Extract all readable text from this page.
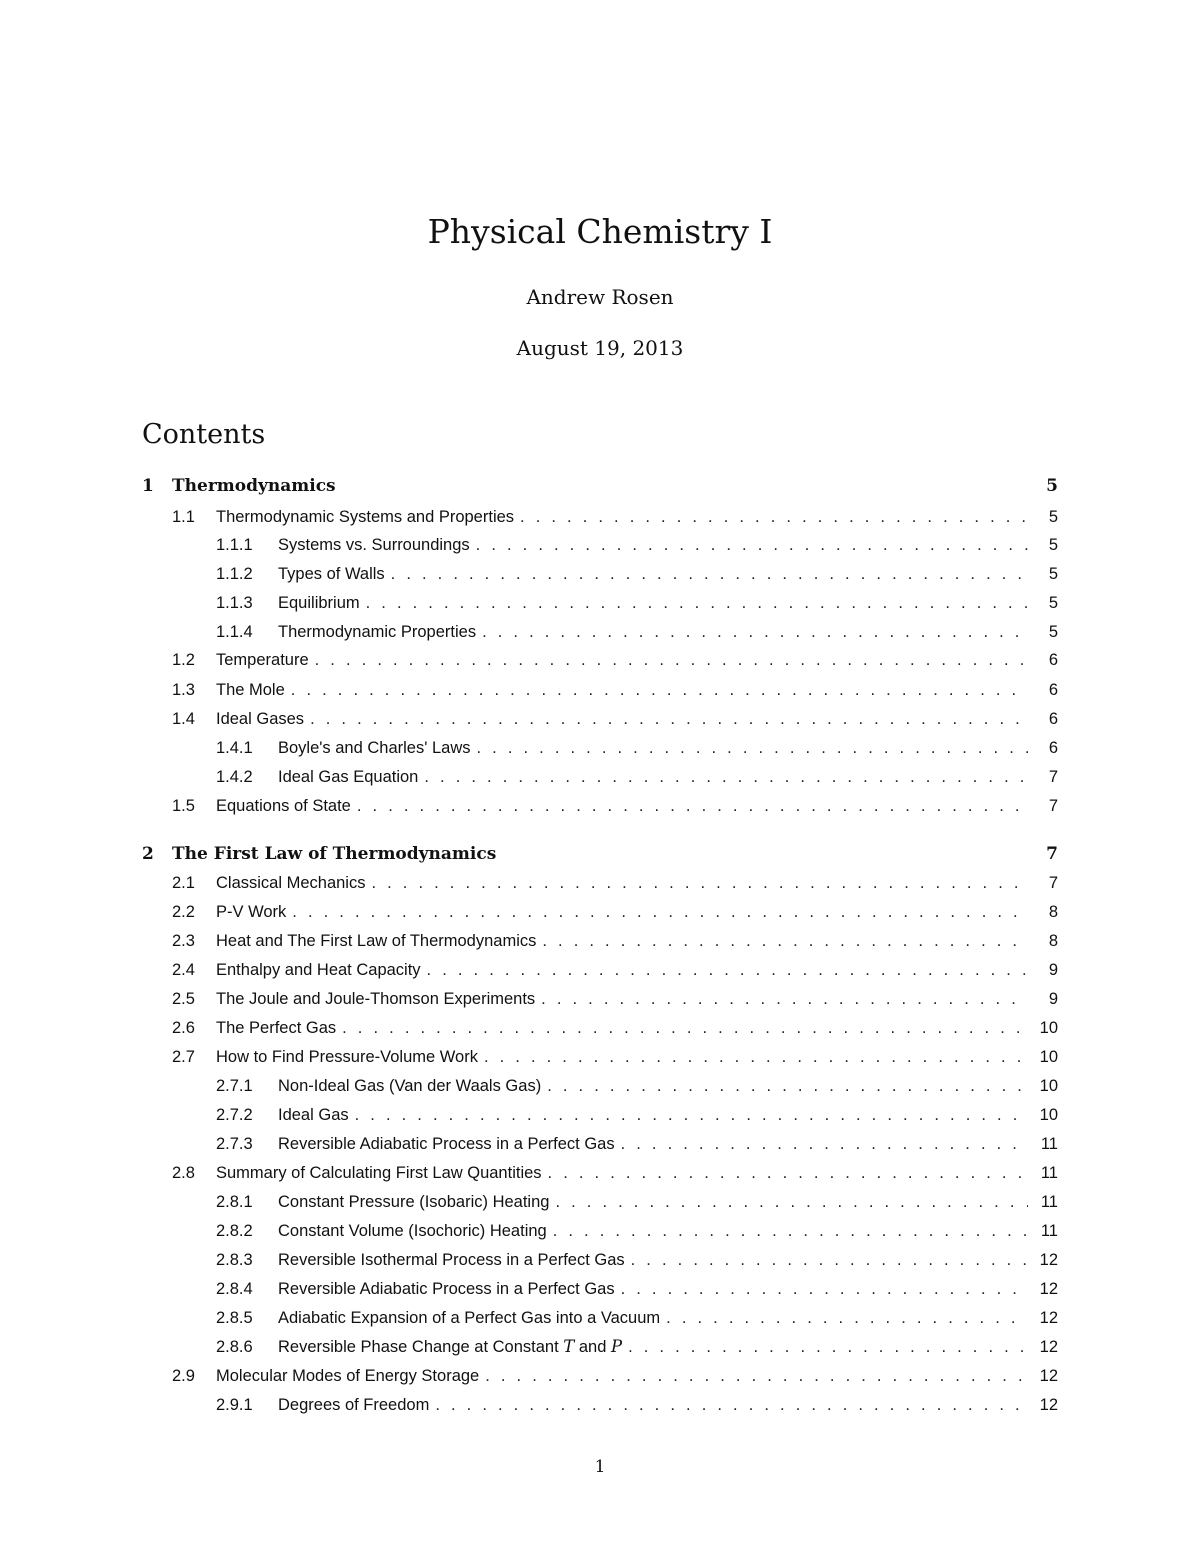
Physical Chemistry I
Andrew Rosen
August 19, 2013
Contents
1	Thermodynamics	5
1.1	Thermodynamic Systems and Properties . . .	5
1.1.1	Systems vs. Surroundings . . .	5
1.1.2	Types of Walls . . .	5
1.1.3	Equilibrium . . .	5
1.1.4	Thermodynamic Properties . . .	5
1.2	Temperature . . .	6
1.3	The Mole . . .	6
1.4	Ideal Gases . . .	6
1.4.1	Boyle's and Charles' Laws . . .	6
1.4.2	Ideal Gas Equation . . .	7
1.5	Equations of State . . .	7
2	The First Law of Thermodynamics	7
2.1	Classical Mechanics . . .	7
2.2	P-V Work . . .	8
2.3	Heat and The First Law of Thermodynamics . . .	8
2.4	Enthalpy and Heat Capacity . . .	9
2.5	The Joule and Joule-Thomson Experiments . . .	9
2.6	The Perfect Gas . . .	10
2.7	How to Find Pressure-Volume Work . . .	10
2.7.1	Non-Ideal Gas (Van der Waals Gas) . . .	10
2.7.2	Ideal Gas . . .	10
2.7.3	Reversible Adiabatic Process in a Perfect Gas . . .	11
2.8	Summary of Calculating First Law Quantities . . .	11
2.8.1	Constant Pressure (Isobaric) Heating . . .	11
2.8.2	Constant Volume (Isochoric) Heating . . .	11
2.8.3	Reversible Isothermal Process in a Perfect Gas . . .	12
2.8.4	Reversible Adiabatic Process in a Perfect Gas . . .	12
2.8.5	Adiabatic Expansion of a Perfect Gas into a Vacuum . . .	12
2.8.6	Reversible Phase Change at Constant T and P . . .	12
2.9	Molecular Modes of Energy Storage . . .	12
2.9.1	Degrees of Freedom . . .	12
1
